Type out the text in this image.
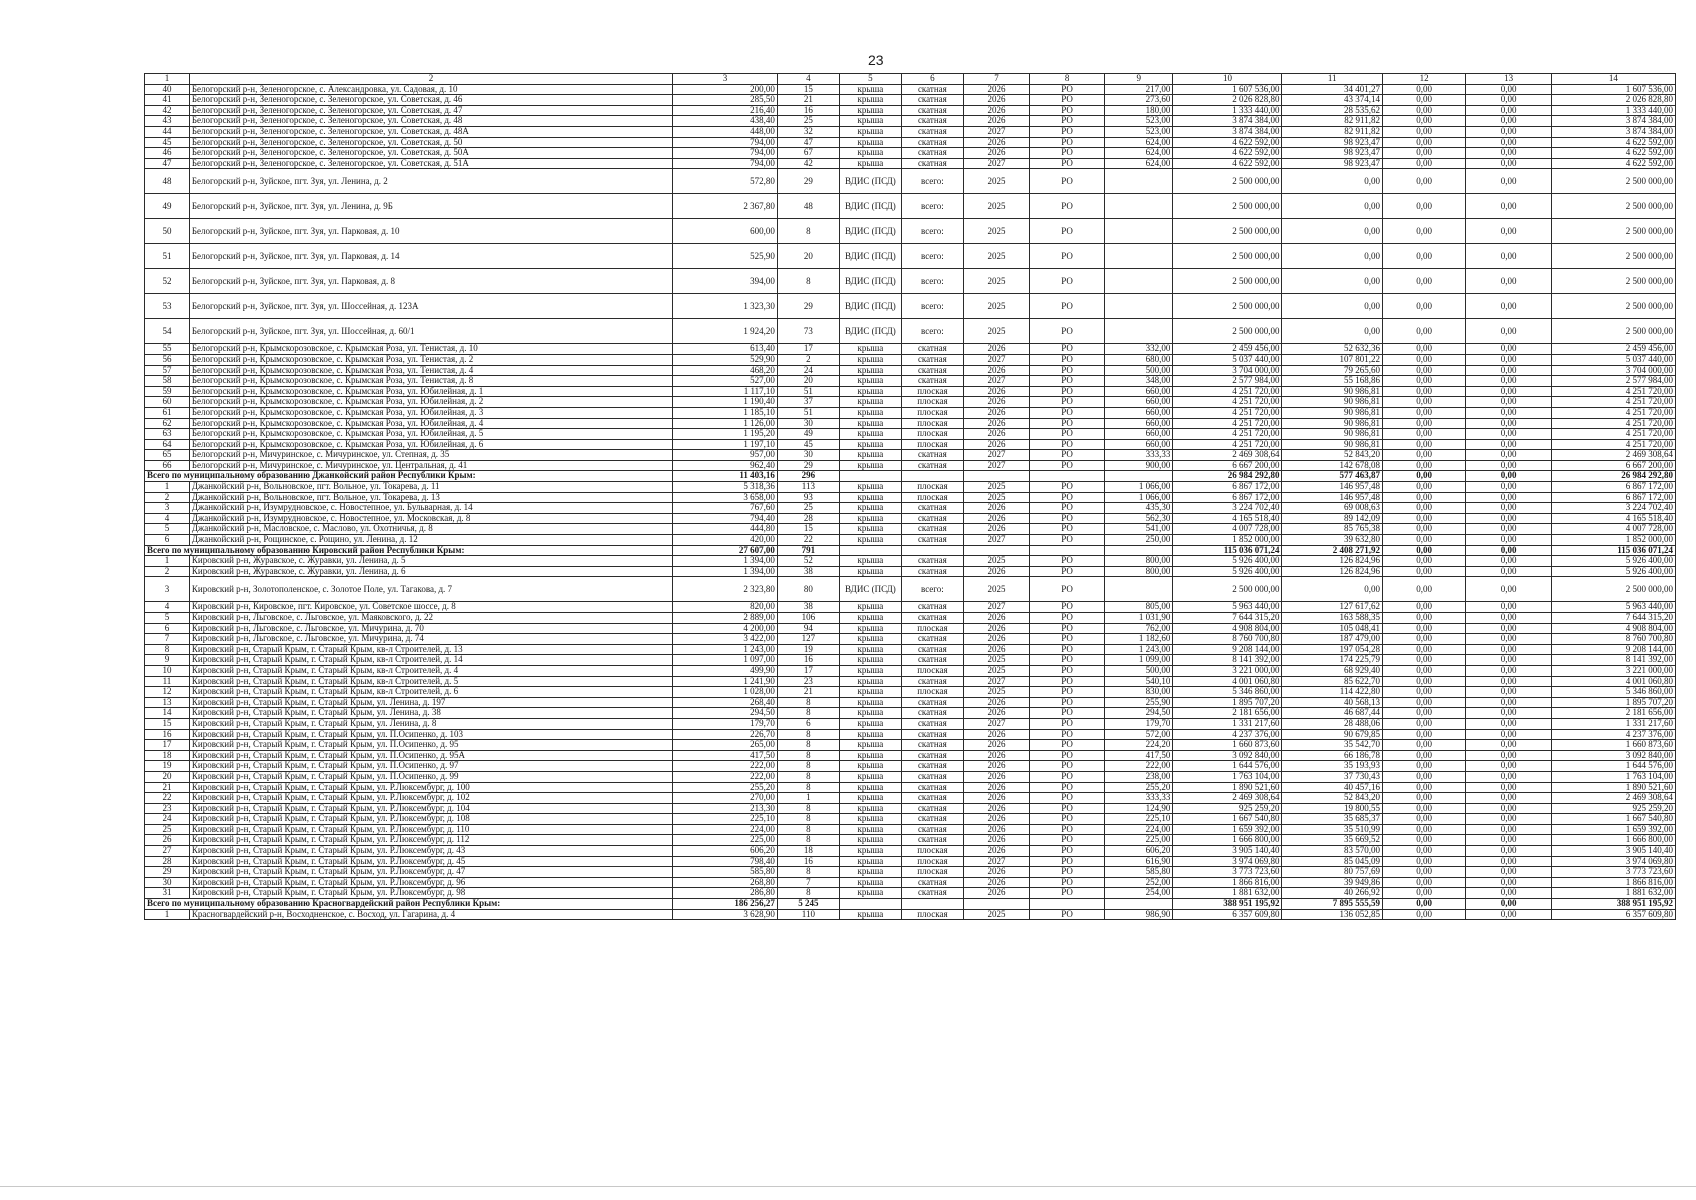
23
1	2	3	4	5	6	7	8	9	10	11	12	13	14
40	Белогорский р-н, Зеленогорское, с. Александровка, ул. Садовая, д. 10	200,00	15	крыша	скатная	2026	РО	217,00	1 607 536,00	34 401,27	0,00	0,00	1 607 536,00
41	Белогорский р-н, Зеленогорское, с. Зеленогорское, ул. Советская, д. 46	285,50	21	крыша	скатная	2026	РО	273,60	2 026 828,80	43 374,14	0,00	0,00	2 026 828,80
42	Белогорский р-н, Зеленогорское, с. Зеленогорское, ул. Советская, д. 47	216,40	16	крыша	скатная	2026	РО	180,00	1 333 440,00	28 535,62	0,00	0,00	1 333 440,00
43	Белогорский р-н, Зеленогорское, с. Зеленогорское, ул. Советская, д. 48	438,40	25	крыша	скатная	2026	РО	523,00	3 874 384,00	82 911,82	0,00	0,00	3 874 384,00
44	Белогорский р-н, Зеленогорское, с. Зеленогорское, ул. Советская, д. 48А	448,00	32	крыша	скатная	2027	РО	523,00	3 874 384,00	82 911,82	0,00	0,00	3 874 384,00
45	Белогорский р-н, Зеленогорское, с. Зеленогорское, ул. Советская, д. 50	794,00	47	крыша	скатная	2026	РО	624,00	4 622 592,00	98 923,47	0,00	0,00	4 622 592,00
46	Белогорский р-н, Зеленогорское, с. Зеленогорское, ул. Советская, д. 50А	794,00	67	крыша	скатная	2026	РО	624,00	4 622 592,00	98 923,47	0,00	0,00	4 622 592,00
47	Белогорский р-н, Зеленогорское, с. Зеленогорское, ул. Советская, д. 51А	794,00	42	крыша	скатная	2027	РО	624,00	4 622 592,00	98 923,47	0,00	0,00	4 622 592,00
48	Белогорский р-н, Зуйское, пгт. Зуя, ул. Ленина, д. 2	572,80	29	ВДИС (ПСД)	всего:	2025	РО		2 500 000,00	0,00	0,00	0,00	2 500 000,00
49	Белогорский р-н, Зуйское, пгт. Зуя, ул. Ленина, д. 9Б	2 367,80	48	ВДИС (ПСД)	всего:	2025	РО		2 500 000,00	0,00	0,00	0,00	2 500 000,00
50	Белогорский р-н, Зуйское, пгт. Зуя, ул. Парковая, д. 10	600,00	8	ВДИС (ПСД)	всего:	2025	РО		2 500 000,00	0,00	0,00	0,00	2 500 000,00
51	Белогорский р-н, Зуйское, пгт. Зуя, ул. Парковая, д. 14	525,90	20	ВДИС (ПСД)	всего:	2025	РО		2 500 000,00	0,00	0,00	0,00	2 500 000,00
52	Белогорский р-н, Зуйское, пгт. Зуя, ул. Парковая, д. 8	394,00	8	ВДИС (ПСД)	всего:	2025	РО		2 500 000,00	0,00	0,00	0,00	2 500 000,00
53	Белогорский р-н, Зуйское, пгт. Зуя, ул. Шоссейная, д. 123А	1 323,30	29	ВДИС (ПСД)	всего:	2025	РО		2 500 000,00	0,00	0,00	0,00	2 500 000,00
54	Белогорский р-н, Зуйское, пгт. Зуя, ул. Шоссейная, д. 60/1	1 924,20	73	ВДИС (ПСД)	всего:	2025	РО		2 500 000,00	0,00	0,00	0,00	2 500 000,00
55	Белогорский р-н, Крымскорозовское, с. Крымская Роза, ул. Тенистая, д. 10	613,40	17	крыша	скатная	2026	РО	332,00	2 459 456,00	52 632,36	0,00	0,00	2 459 456,00
56	Белогорский р-н, Крымскорозовское, с. Крымская Роза, ул. Тенистая, д. 2	529,90	2	крыша	скатная	2027	РО	680,00	5 037 440,00	107 801,22	0,00	0,00	5 037 440,00
57	Белогорский р-н, Крымскорозовское, с. Крымская Роза, ул. Тенистая, д. 4	468,20	24	крыша	скатная	2026	РО	500,00	3 704 000,00	79 265,60	0,00	0,00	3 704 000,00
58	Белогорский р-н, Крымскорозовское, с. Крымская Роза, ул. Тенистая, д. 8	527,00	20	крыша	скатная	2027	РО	348,00	2 577 984,00	55 168,86	0,00	0,00	2 577 984,00
59	Белогорский р-н, Крымскорозовское, с. Крымская Роза, ул. Юбилейная, д. 1	1 117,10	51	крыша	плоская	2026	РО	660,00	4 251 720,00	90 986,81	0,00	0,00	4 251 720,00
60	Белогорский р-н, Крымскорозовское, с. Крымская Роза, ул. Юбилейная, д. 2	1 190,40	37	крыша	плоская	2026	РО	660,00	4 251 720,00	90 986,81	0,00	0,00	4 251 720,00
61	Белогорский р-н, Крымскорозовское, с. Крымская Роза, ул. Юбилейная, д. 3	1 185,10	51	крыша	плоская	2026	РО	660,00	4 251 720,00	90 986,81	0,00	0,00	4 251 720,00
62	Белогорский р-н, Крымскорозовское, с. Крымская Роза, ул. Юбилейная, д. 4	1 126,00	30	крыша	плоская	2026	РО	660,00	4 251 720,00	90 986,81	0,00	0,00	4 251 720,00
63	Белогорский р-н, Крымскорозовское, с. Крымская Роза, ул. Юбилейная, д. 5	1 195,20	49	крыша	плоская	2026	РО	660,00	4 251 720,00	90 986,81	0,00	0,00	4 251 720,00
64	Белогорский р-н, Крымскорозовское, с. Крымская Роза, ул. Юбилейная, д. 6	1 197,10	45	крыша	плоская	2026	РО	660,00	4 251 720,00	90 986,81	0,00	0,00	4 251 720,00
65	Белогорский р-н, Мичуринское, с. Мичуринское, ул. Степная, д. 35	957,00	30	крыша	скатная	2027	РО	333,33	2 469 308,64	52 843,20	0,00	0,00	2 469 308,64
66	Белогорский р-н, Мичуринское, с. Мичуринское, ул. Центральная, д. 41	962,40	29	крыша	скатная	2027	РО	900,00	6 667 200,00	142 678,08	0,00	0,00	6 667 200,00
Всего по муниципальному образованию Джанкойский район Республики Крым:		11 403,16	296						26 984 292,80	577 463,87	0,00	0,00	26 984 292,80
1	Джанкойский р-н, Вольновское, пгт. Вольное, ул. Токарева, д. 11	5 318,36	113	крыша	плоская	2025	РО	1 066,00	6 867 172,00	146 957,48	0,00	0,00	6 867 172,00
2	Джанкойский р-н, Вольновское, пгт. Вольное, ул. Токарева, д. 13	3 658,00	93	крыша	плоская	2025	РО	1 066,00	6 867 172,00	146 957,48	0,00	0,00	6 867 172,00
3	Джанкойский р-н, Изумрудновское, с. Новостепное, ул. Бульварная, д. 14	767,60	25	крыша	скатная	2026	РО	435,30	3 224 702,40	69 008,63	0,00	0,00	3 224 702,40
4	Джанкойский р-н, Изумрудновское, с. Новостепное, ул. Московская, д. 8	794,40	28	крыша	скатная	2026	РО	562,30	4 165 518,40	89 142,09	0,00	0,00	4 165 518,40
5	Джанкойский р-н, Масловское, с. Маслово, ул. Охотничья, д. 8	444,80	15	крыша	скатная	2026	РО	541,00	4 007 728,00	85 765,38	0,00	0,00	4 007 728,00
6	Джанкойский р-н, Рощинское, с. Рощино, ул. Ленина, д. 12	420,00	22	крыша	скатная	2027	РО	250,00	1 852 000,00	39 632,80	0,00	0,00	1 852 000,00
Всего по муниципальному образованию Кировский район Республики Крым:		27 607,00	791						115 036 071,24	2 408 271,92	0,00	0,00	115 036 071,24
1	Кировский р-н, Журавское, с. Журавки, ул. Ленина, д. 5	1 394,00	52	крыша	скатная	2025	РО	800,00	5 926 400,00	126 824,96	0,00	0,00	5 926 400,00
2	Кировский р-н, Журавское, с. Журавки, ул. Ленина, д. 6	1 394,00	38	крыша	скатная	2026	РО	800,00	5 926 400,00	126 824,96	0,00	0,00	5 926 400,00
3	Кировский р-н, Золотополенское, с. Золотое Поле, ул. Тагакова, д. 7	2 323,80	80	ВДИС (ПСД)	всего:	2025	РО		2 500 000,00	0,00	0,00	0,00	2 500 000,00
4	Кировский р-н, Кировское, пгт. Кировское, ул. Советское шоссе, д. 8	820,00	38	крыша	скатная	2027	РО	805,00	5 963 440,00	127 617,62	0,00	0,00	5 963 440,00
5	Кировский р-н, Льговское, с. Льговское, ул. Маяковского, д. 22	2 889,00	106	крыша	скатная	2026	РО	1 031,90	7 644 315,20	163 588,35	0,00	0,00	7 644 315,20
6	Кировский р-н, Льговское, с. Льговское, ул. Мичурина, д. 70	4 200,00	94	крыша	плоская	2026	РО	762,00	4 908 804,00	105 048,41	0,00	0,00	4 908 804,00
7	Кировский р-н, Льговское, с. Льговское, ул. Мичурина, д. 74	3 422,00	127	крыша	скатная	2026	РО	1 182,60	8 760 700,80	187 479,00	0,00	0,00	8 760 700,80
8	Кировский р-н, Старый Крым, г. Старый Крым, кв-л Строителей, д. 13	1 243,00	19	крыша	скатная	2026	РО	1 243,00	9 208 144,00	197 054,28	0,00	0,00	9 208 144,00
9	Кировский р-н, Старый Крым, г. Старый Крым, кв-л Строителей, д. 14	1 097,00	16	крыша	скатная	2025	РО	1 099,00	8 141 392,00	174 225,79	0,00	0,00	8 141 392,00
10	Кировский р-н, Старый Крым, г. Старый Крым, кв-л Строителей, д. 4	499,90	17	крыша	плоская	2025	РО	500,00	3 221 000,00	68 929,40	0,00	0,00	3 221 000,00
11	Кировский р-н, Старый Крым, г. Старый Крым, кв-л Строителей, д. 5	1 241,90	23	крыша	скатная	2027	РО	540,10	4 001 060,80	85 622,70	0,00	0,00	4 001 060,80
12	Кировский р-н, Старый Крым, г. Старый Крым, кв-л Строителей, д. 6	1 028,00	21	крыша	плоская	2025	РО	830,00	5 346 860,00	114 422,80	0,00	0,00	5 346 860,00
13	Кировский р-н, Старый Крым, г. Старый Крым, ул. Ленина, д. 197	268,40	8	крыша	скатная	2026	РО	255,90	1 895 707,20	40 568,13	0,00	0,00	1 895 707,20
14	Кировский р-н, Старый Крым, г. Старый Крым, ул. Ленина, д. 38	294,50	8	крыша	скатная	2026	РО	294,50	2 181 656,00	46 687,44	0,00	0,00	2 181 656,00
15	Кировский р-н, Старый Крым, г. Старый Крым, ул. Ленина, д. 8	179,70	6	крыша	скатная	2027	РО	179,70	1 331 217,60	28 488,06	0,00	0,00	1 331 217,60
16	Кировский р-н, Старый Крым, г. Старый Крым, ул. П.Осипенко, д. 103	226,70	8	крыша	скатная	2026	РО	572,00	4 237 376,00	90 679,85	0,00	0,00	4 237 376,00
17	Кировский р-н, Старый Крым, г. Старый Крым, ул. П.Осипенко, д. 95	265,00	8	крыша	скатная	2026	РО	224,20	1 660 873,60	35 542,70	0,00	0,00	1 660 873,60
18	Кировский р-н, Старый Крым, г. Старый Крым, ул. П.Осипенко, д. 95А	417,50	8	крыша	скатная	2026	РО	417,50	3 092 840,00	66 186,78	0,00	0,00	3 092 840,00
19	Кировский р-н, Старый Крым, г. Старый Крым, ул. П.Осипенко, д. 97	222,00	8	крыша	скатная	2026	РО	222,00	1 644 576,00	35 193,93	0,00	0,00	1 644 576,00
20	Кировский р-н, Старый Крым, г. Старый Крым, ул. П.Осипенко, д. 99	222,00	8	крыша	скатная	2026	РО	238,00	1 763 104,00	37 730,43	0,00	0,00	1 763 104,00
21	Кировский р-н, Старый Крым, г. Старый Крым, ул. Р.Люксембург, д. 100	255,20	8	крыша	скатная	2026	РО	255,20	1 890 521,60	40 457,16	0,00	0,00	1 890 521,60
22	Кировский р-н, Старый Крым, г. Старый Крым, ул. Р.Люксембург, д. 102	270,00	1	крыша	скатная	2026	РО	333,33	2 469 308,64	52 843,20	0,00	0,00	2 469 308,64
23	Кировский р-н, Старый Крым, г. Старый Крым, ул. Р.Люксембург, д. 104	213,30	8	крыша	скатная	2026	РО	124,90	925 259,20	19 800,55	0,00	0,00	925 259,20
24	Кировский р-н, Старый Крым, г. Старый Крым, ул. Р.Люксембург, д. 108	225,10	8	крыша	скатная	2026	РО	225,10	1 667 540,80	35 685,37	0,00	0,00	1 667 540,80
25	Кировский р-н, Старый Крым, г. Старый Крым, ул. Р.Люксембург, д. 110	224,00	8	крыша	скатная	2026	РО	224,00	1 659 392,00	35 510,99	0,00	0,00	1 659 392,00
26	Кировский р-н, Старый Крым, г. Старый Крым, ул. Р.Люксембург, д. 112	225,00	8	крыша	скатная	2026	РО	225,00	1 666 800,00	35 669,52	0,00	0,00	1 666 800,00
27	Кировский р-н, Старый Крым, г. Старый Крым, ул. Р.Люксембург, д. 43	606,20	18	крыша	плоская	2026	РО	606,20	3 905 140,40	83 570,00	0,00	0,00	3 905 140,40
28	Кировский р-н, Старый Крым, г. Старый Крым, ул. Р.Люксембург, д. 45	798,40	16	крыша	плоская	2027	РО	616,90	3 974 069,80	85 045,09	0,00	0,00	3 974 069,80
29	Кировский р-н, Старый Крым, г. Старый Крым, ул. Р.Люксембург, д. 47	585,80	8	крыша	плоская	2026	РО	585,80	3 773 723,60	80 757,69	0,00	0,00	3 773 723,60
30	Кировский р-н, Старый Крым, г. Старый Крым, ул. Р.Люксембург, д. 96	268,80	7	крыша	скатная	2026	РО	252,00	1 866 816,00	39 949,86	0,00	0,00	1 866 816,00
31	Кировский р-н, Старый Крым, г. Старый Крым, ул. Р.Люксембург, д. 98	286,80	8	крыша	скатная	2026	РО	254,00	1 881 632,00	40 266,92	0,00	0,00	1 881 632,00
Всего по муниципальному образованию Красногвардейский район Республики Крым:		186 256,27	5 245						388 951 195,92	7 895 555,59	0,00	0,00	388 951 195,92
1	Красногвардейский р-н, Восходненское, с. Восход, ул. Гагарина, д. 4	3 628,90	110	крыша	плоская	2025	РО	986,90	6 357 609,80	136 052,85	0,00	0,00	6 357 609,80
